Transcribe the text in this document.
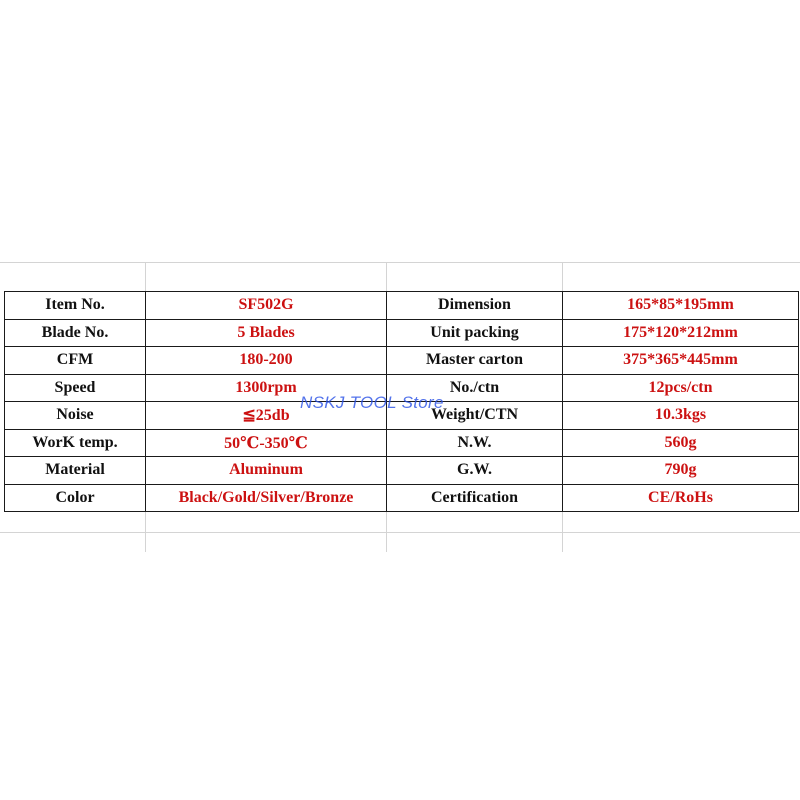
Item No.	SF502G	Dimension	165*85*195mm
Blade No.	5 Blades	Unit packing	175*120*212mm
CFM	180-200	Master carton	375*365*445mm
Speed	1300rpm	No./ctn	12pcs/ctn
Noise	≦25db	Weight/CTN	10.3kgs
WorK temp.	50℃-350℃	N.W.	560g
Material	Aluminum	G.W.	790g
Color	Black/Gold/Silver/Bronze	Certification	CE/RoHs
NSKJ TOOL Store
